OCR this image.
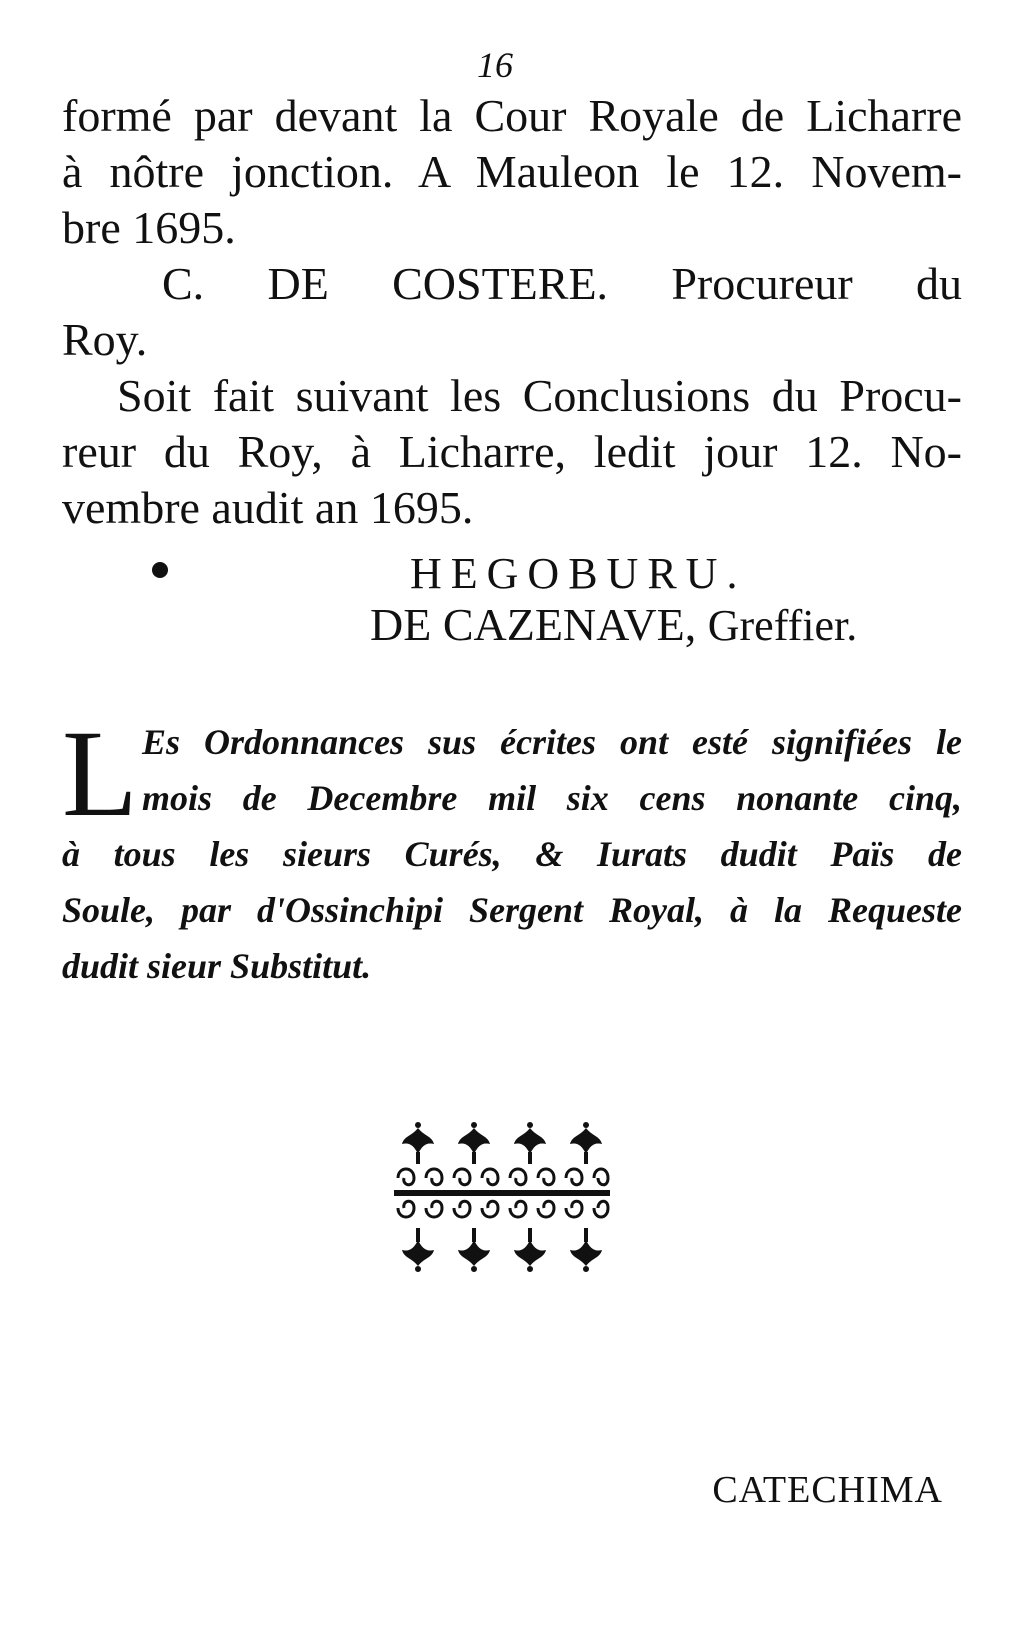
16
formé par devant la Cour Royale de Licharre
à nôtre jonction. A Mauleon le 12. Novem-
bre 1695.
C. DE COSTERE. Procureur du
Roy.
Soit fait suivant les Conclusions du Procu-
reur du Roy, à Licharre, ledit jour 12. No-
vembre audit an 1695.
HEGOBURU.
DE CAZENAVE, Greffier.
L Es Ordonnances sus écrites ont esté signifiées le
mois de Decembre mil six cens nonante cinq,
à tous les sieurs Curés, & Iurats dudit Païs de
Soule, par d'Ossinchipi Sergent Royal, à la Requeste
dudit sieur Substitut.
CATECHIMA
